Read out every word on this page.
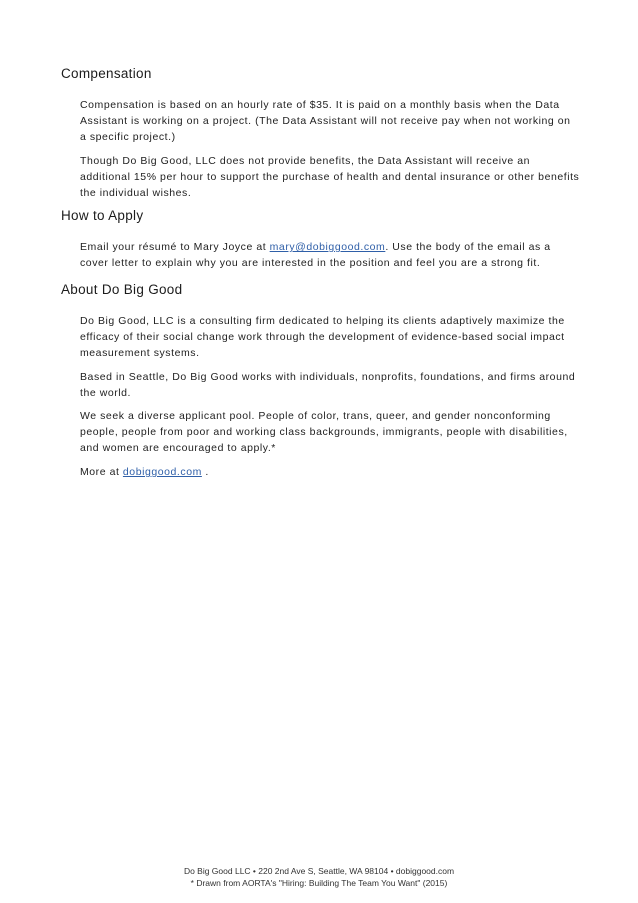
Compensation

Compensation is based on an hourly rate of $35. It is paid on a monthly basis when the Data Assistant is working on a project. (The Data Assistant will not receive pay when not working on a specific project.)

Though Do Big Good, LLC does not provide benefits, the Data Assistant will receive an additional 15% per hour to support the purchase of health and dental insurance or other benefits the individual wishes.

How to Apply

Email your résumé to Mary Joyce at mary@dobiggood.com. Use the body of the email as a cover letter to explain why you are interested in the position and feel you are a strong fit.

About Do Big Good

Do Big Good, LLC is a consulting firm dedicated to helping its clients adaptively maximize the efficacy of their social change work through the development of evidence-based social impact measurement systems.

Based in Seattle, Do Big Good works with individuals, nonprofits, foundations, and firms around the world.

We seek a diverse applicant pool. People of color, trans, queer, and gender nonconforming people, people from poor and working class backgrounds, immigrants, people with disabilities, and women are encouraged to apply.*

More at dobiggood.com .

Do Big Good LLC • 220 2nd Ave S, Seattle, WA 98104 • dobiggood.com
* Drawn from AORTA's "Hiring: Building The Team You Want" (2015)
